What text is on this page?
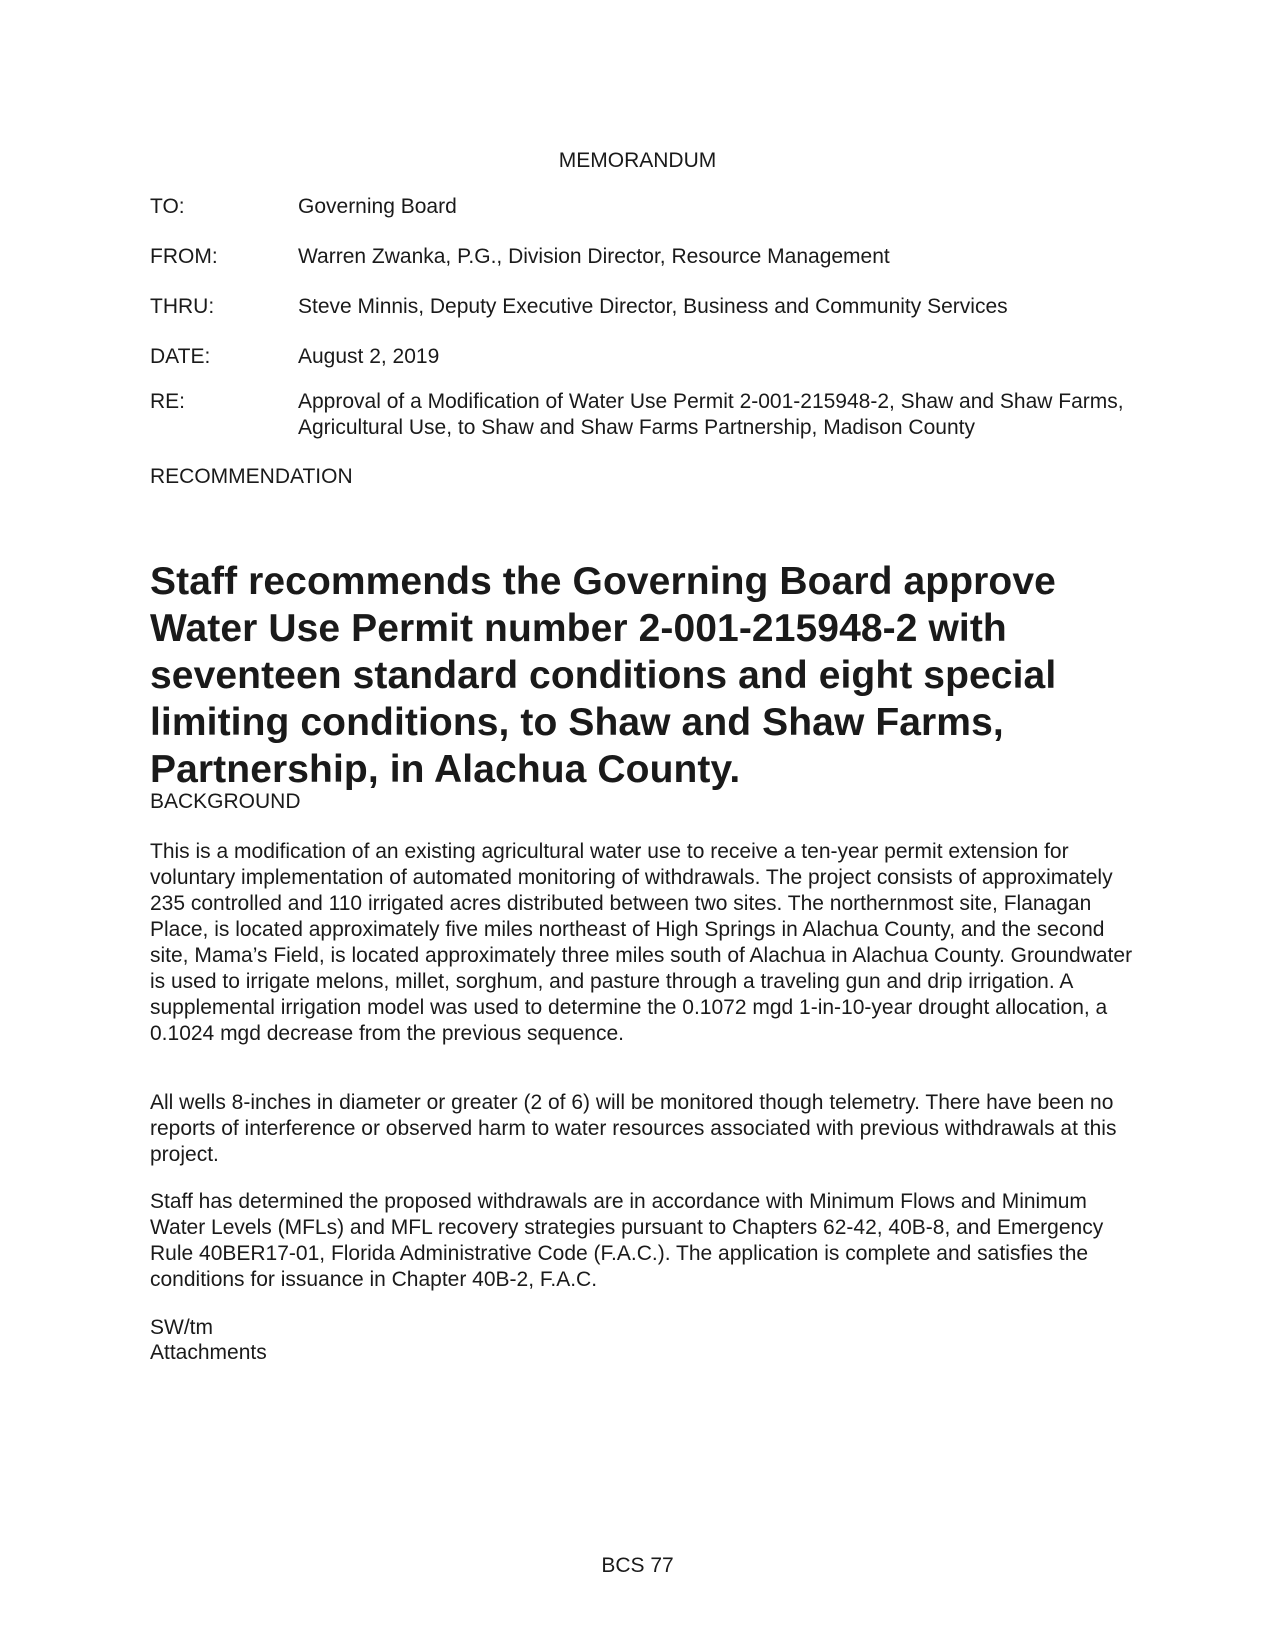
MEMORANDUM
TO:	Governing Board
FROM:	Warren Zwanka, P.G., Division Director, Resource Management
THRU:	Steve Minnis, Deputy Executive Director, Business and Community Services
DATE:	August 2, 2019
RE:	Approval of a Modification of Water Use Permit 2-001-215948-2, Shaw and Shaw Farms, Agricultural Use, to Shaw and Shaw Farms Partnership, Madison County
RECOMMENDATION
Staff recommends the Governing Board approve Water Use Permit number 2-001-215948-2 with seventeen standard conditions and eight special limiting conditions, to Shaw and Shaw Farms, Partnership, in Alachua County.
BACKGROUND
This is a modification of an existing agricultural water use to receive a ten-year permit extension for voluntary implementation of automated monitoring of withdrawals. The project consists of approximately 235 controlled and 110 irrigated acres distributed between two sites. The northernmost site, Flanagan Place, is located approximately five miles northeast of High Springs in Alachua County, and the second site, Mama’s Field, is located approximately three miles south of Alachua in Alachua County. Groundwater is used to irrigate melons, millet, sorghum, and pasture through a traveling gun and drip irrigation. A supplemental irrigation model was used to determine the 0.1072 mgd 1-in-10-year drought allocation, a 0.1024 mgd decrease from the previous sequence.
All wells 8-inches in diameter or greater (2 of 6) will be monitored though telemetry. There have been no reports of interference or observed harm to water resources associated with previous withdrawals at this project.
Staff has determined the proposed withdrawals are in accordance with Minimum Flows and Minimum Water Levels (MFLs) and MFL recovery strategies pursuant to Chapters 62-42, 40B-8, and Emergency Rule 40BER17-01, Florida Administrative Code (F.A.C.). The application is complete and satisfies the conditions for issuance in Chapter 40B-2, F.A.C.
SW/tm
Attachments
BCS 77
